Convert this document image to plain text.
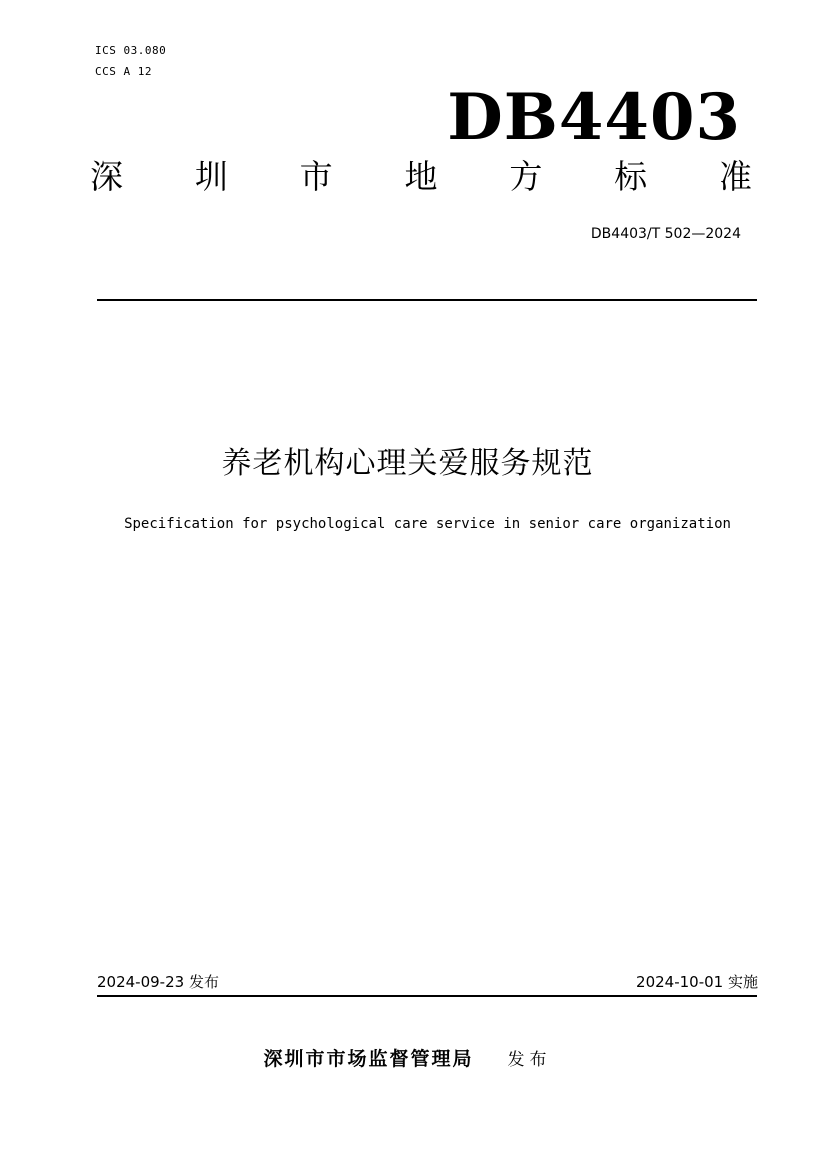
ICS 03.080
CCS A 12
DB4403
深 圳 市 地 方 标 准
DB4403/T 502—2024
养老机构心理关爱服务规范
Specification for psychological care service in senior care organization
2024-09-23 发布	2024-10-01 实施
深圳市市场监督管理局 发布
